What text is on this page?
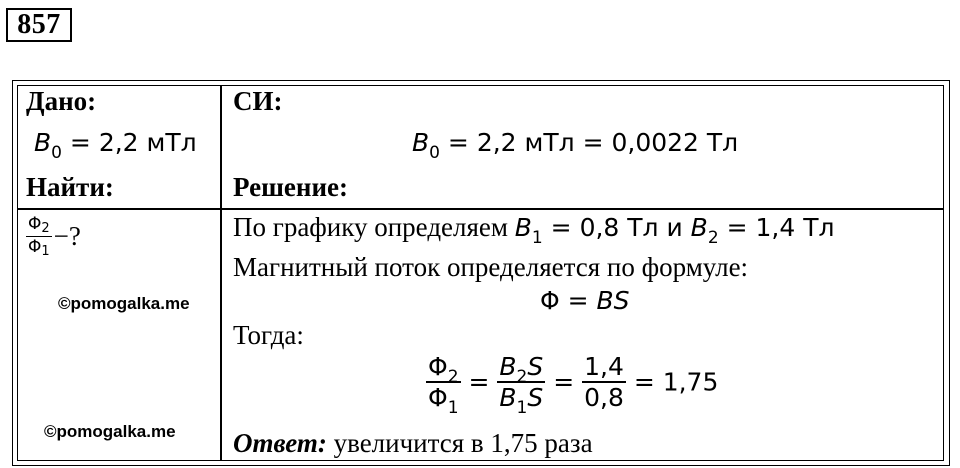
857
Дано:
$B_0 = 2,2$ мТл
Найти:
$\frac{\Phi 2}{\Phi 1}$ −?
©pomogalka.me
©pomogalka.me
СИ:
$B_0 = 2,2$ мТл = 0,0022 Тл
Решение:
По графику определяем $B_1 = 0,8$ Тл и $B_2 = 1,4$ Тл
Магнитный поток определяется по формуле:
Φ = BS
Тогда:
$\frac{\Phi_2}{\Phi_1} = \frac{B_2S}{B_1S} = \frac{1,4}{0,8} = 1,75$
Ответ: увеличится в 1,75 раза
